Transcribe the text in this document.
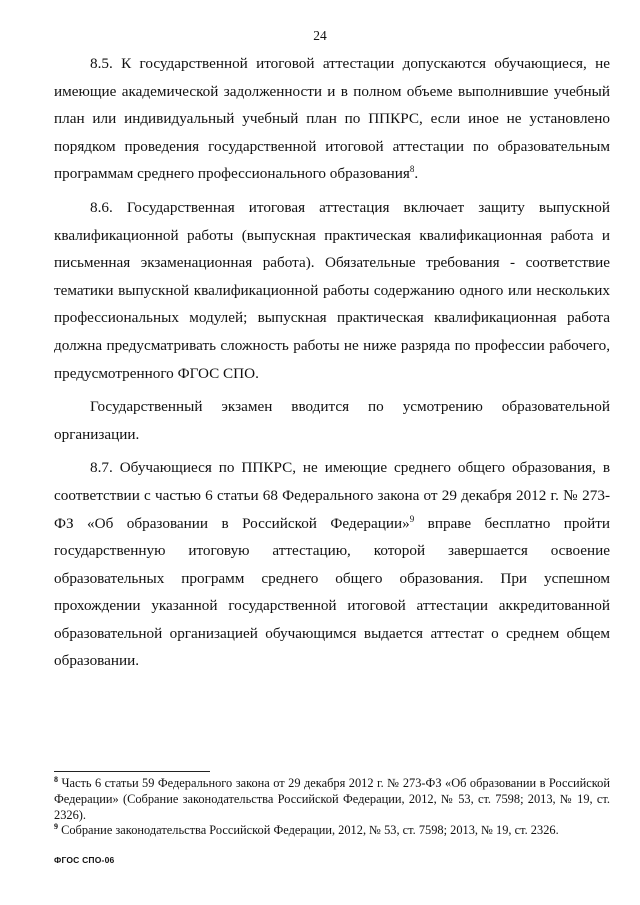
24

8.5. К государственной итоговой аттестации допускаются обучающиеся, не имеющие академической задолженности и в полном объеме выполнившие учебный план или индивидуальный учебный план по ППКРС, если иное не установлено порядком проведения государственной итоговой аттестации по образовательным программам среднего профессионального образования$^8$.

8.6. Государственная итоговая аттестация включает защиту выпускной квалификационной работы (выпускная практическая квалификационная работа и письменная экзаменационная работа). Обязательные требования - соответствие тематики выпускной квалификационной работы содержанию одного или нескольких профессиональных модулей; выпускная практическая квалификационная работа должна предусматривать сложность работы не ниже разряда по профессии рабочего, предусмотренного ФГОС СПО.

Государственный экзамен вводится по усмотрению образовательной организации.

8.7. Обучающиеся по ППКРС, не имеющие среднего общего образования, в соответствии с частью 6 статьи 68 Федерального закона от 29 декабря 2012 г. № 273-ФЗ «Об образовании в Российской Федерации»$^9$ вправе бесплатно пройти государственную итоговую аттестацию, которой завершается освоение образовательных программ среднего общего образования. При успешном прохождении указанной государственной итоговой аттестации аккредитованной образовательной организацией обучающимся выдается аттестат о среднем общем образовании.

$^8$ Часть 6 статьи 59 Федерального закона от 29 декабря 2012 г. № 273-ФЗ «Об образовании в Российской Федерации» (Собрание законодательства Российской Федерации, 2012, № 53, ст. 7598; 2013, № 19, ст. 2326).

$^9$ Собрание законодательства Российской Федерации, 2012, № 53, ст. 7598; 2013, № 19, ст. 2326.

ФГОС СПО-06
